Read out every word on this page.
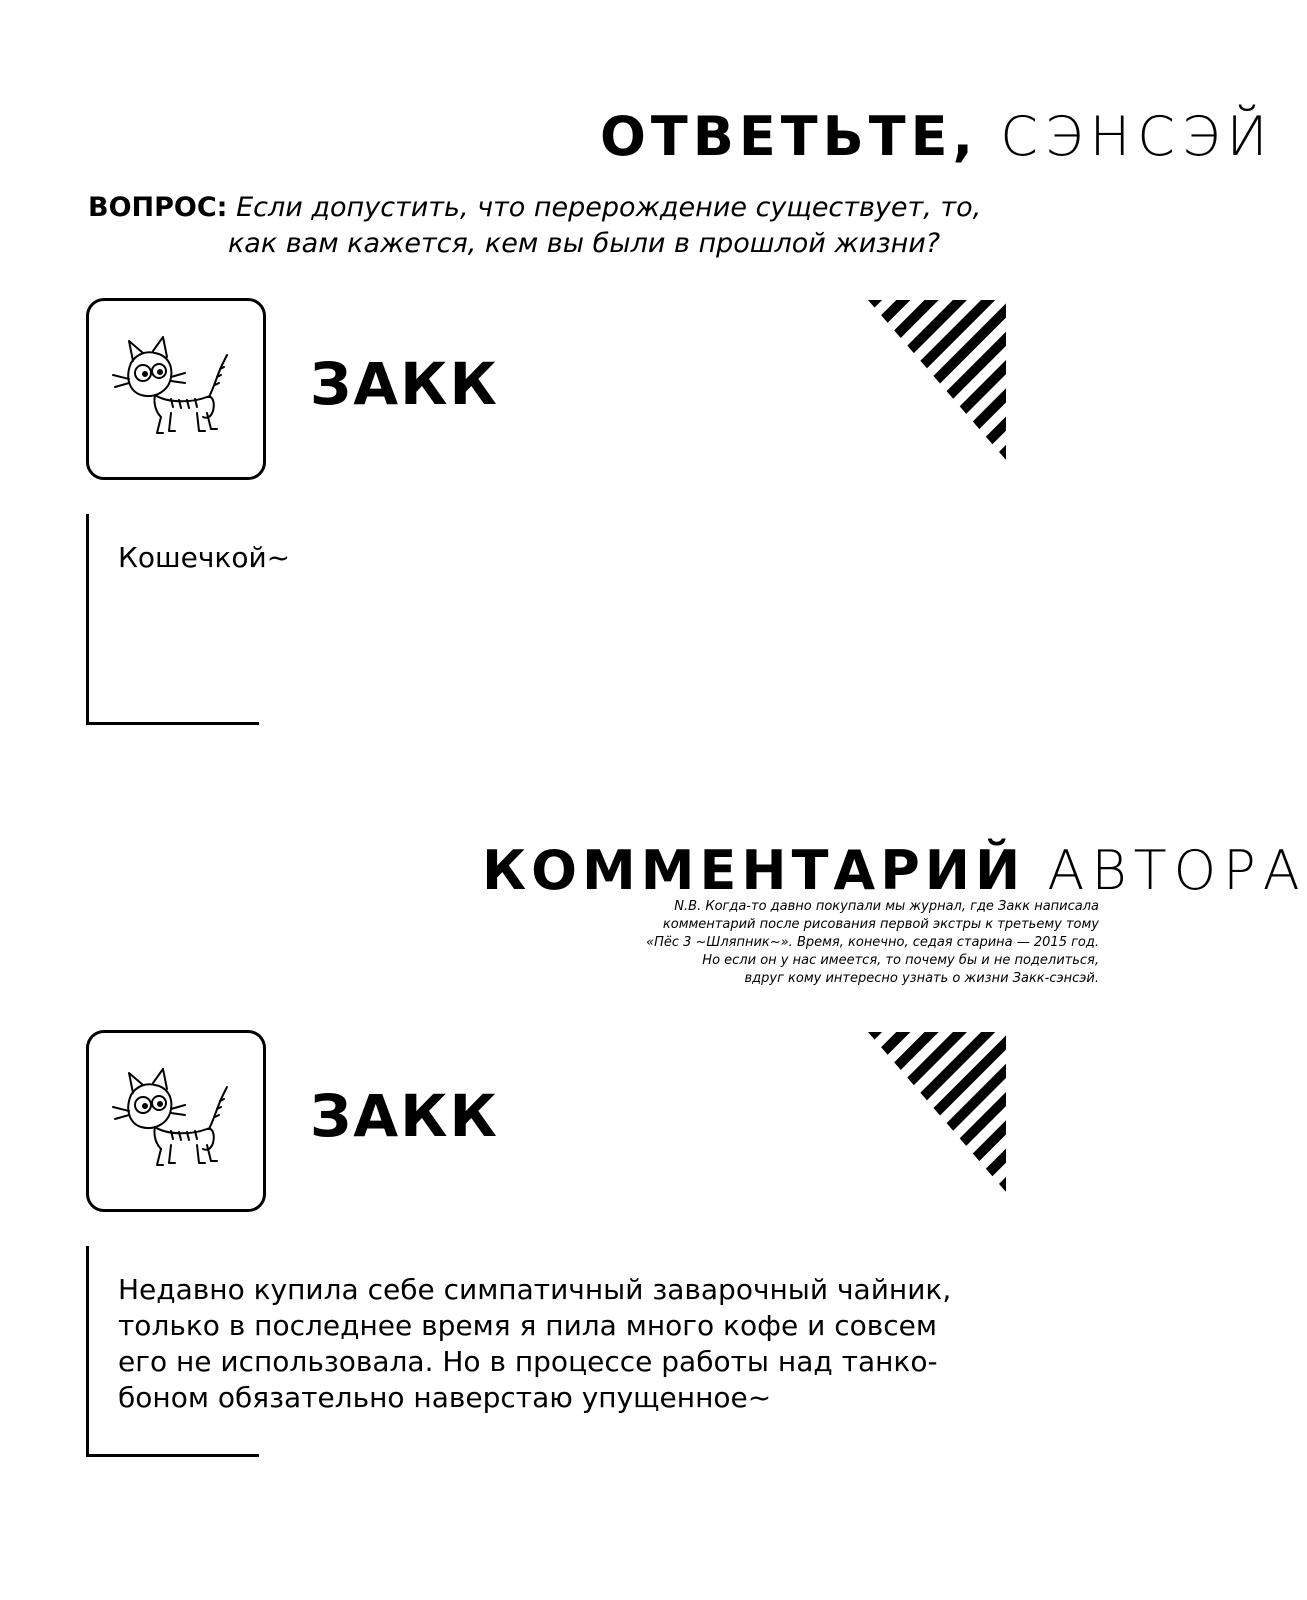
ОТВЕТЬТЕ, СЭНСЭЙ
ВОПРОС: Если допустить, что перерождение существует, то,
как вам кажется, кем вы были в прошлой жизни?
ЗАКК
Кошечкой~
КОММЕНТАРИЙ АВТОРА
N.B. Когда-то давно покупали мы журнал, где Закк написала
комментарий после рисования первой экстры к третьему тому
«Пёс 3 ~Шляпник~». Время, конечно, седая старина — 2015 год.
Но если он у нас имеется, то почему бы и не поделиться,
вдруг кому интересно узнать о жизни Закк-сэнсэй.
ЗАКК
Недавно купила себе симпатичный заварочный чайник,
только в последнее время я пила много кофе и совсем
его не использовала. Но в процессе работы над танко-
боном обязательно наверстаю упущенное~
